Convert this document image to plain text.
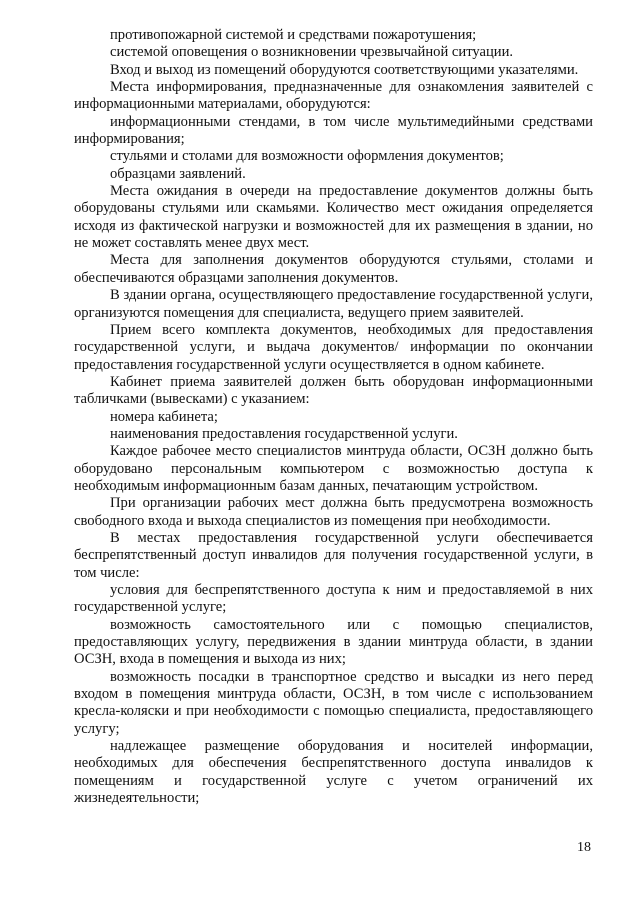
противопожарной системой и средствами пожаротушения;

системой оповещения о возникновении чрезвычайной ситуации.

Вход и выход из помещений оборудуются соответствующими указателями.

Места информирования, предназначенные для ознакомления заявителей с информационными материалами, оборудуются:

информационными стендами, в том числе мультимедийными средствами информирования;

стульями и столами для возможности оформления документов;

образцами заявлений.

Места ожидания в очереди на предоставление документов должны быть оборудованы стульями или скамьями. Количество мест ожидания определяется исходя из фактической нагрузки и возможностей для их размещения в здании, но не может составлять менее двух мест.

Места для заполнения документов оборудуются стульями, столами и обеспечиваются образцами заполнения документов.

В здании органа, осуществляющего предоставление государственной услуги, организуются помещения для специалиста, ведущего прием заявителей.

Прием всего комплекта документов, необходимых для предоставления государственной услуги, и выдача документов/ информации по окончании предоставления государственной услуги осуществляется в одном кабинете.

Кабинет приема заявителей должен быть оборудован информационными табличками (вывесками) с указанием:

номера кабинета;

наименования предоставления государственной услуги.

Каждое рабочее место специалистов минтруда области, ОСЗН должно быть оборудовано персональным компьютером с возможностью доступа к необходимым информационным базам данных, печатающим устройством.

При организации рабочих мест должна быть предусмотрена возможность свободного входа и выхода специалистов из помещения при необходимости.

В местах предоставления государственной услуги обеспечивается беспрепятственный доступ инвалидов для получения государственной услуги, в том числе:

условия для беспрепятственного доступа к ним и предоставляемой в них государственной услуге;

возможность самостоятельного или с помощью специалистов, предоставляющих услугу, передвижения в здании минтруда области, в здании ОСЗН, входа в помещения и выхода из них;

возможность посадки в транспортное средство и высадки из него перед входом в помещения минтруда области, ОСЗН, в том числе с использованием кресла-коляски и при необходимости с помощью специалиста, предоставляющего услугу;

надлежащее размещение оборудования и носителей информации, необходимых для обеспечения беспрепятственного доступа инвалидов к помещениям и государственной услуге с учетом ограничений их жизнедеятельности;

18
